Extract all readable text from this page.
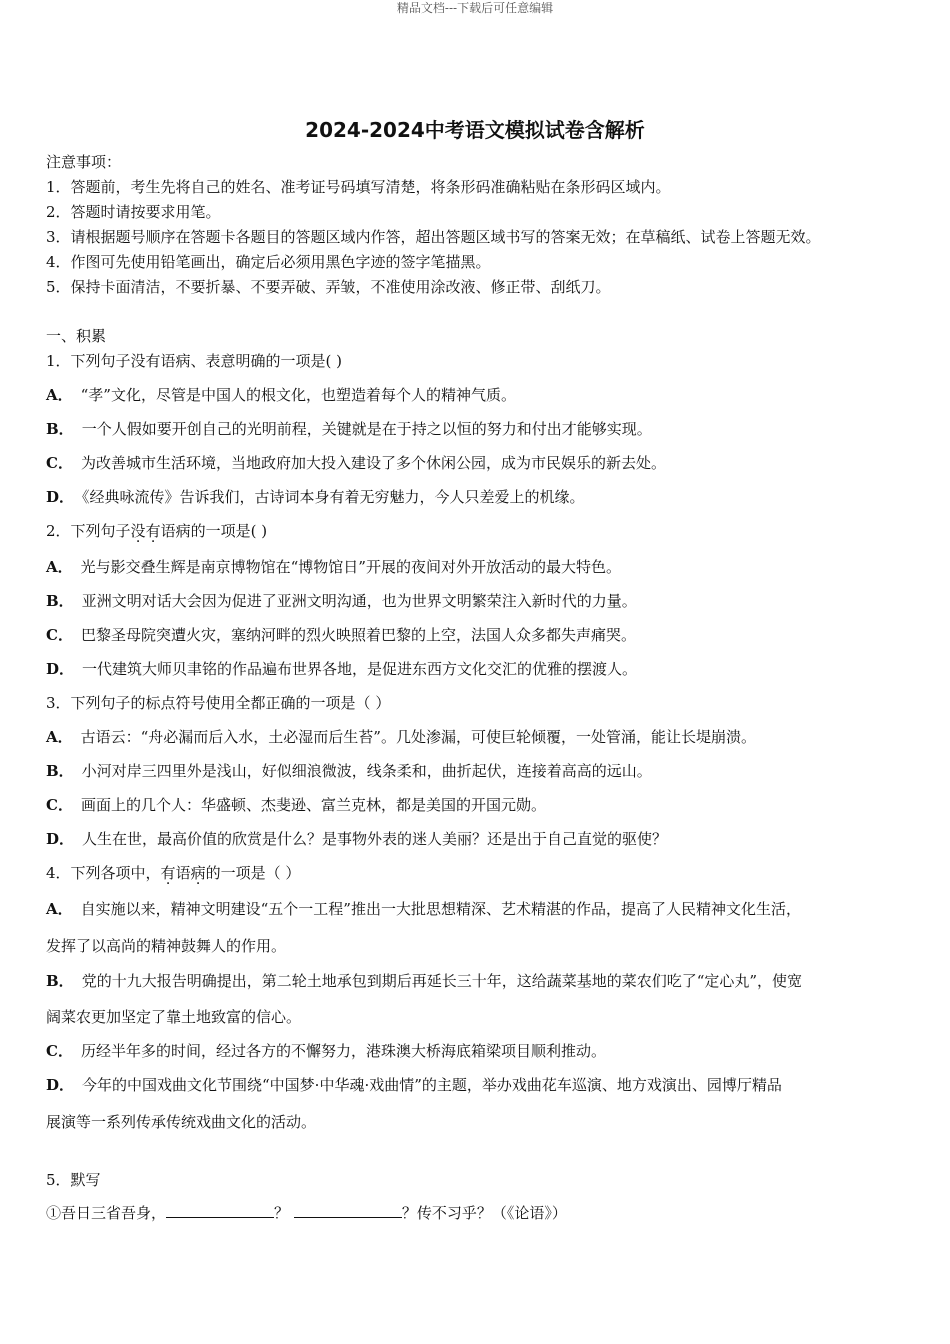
精品文档---下载后可任意编辑
2024-2024中考语文模拟试卷含解析
注意事项：
1．答题前，考生先将自己的姓名、准考证号码填写清楚，将条形码准确粘贴在条形码区域内。
2．答题时请按要求用笔。
3．请根据题号顺序在答题卡各题目的答题区域内作答，超出答题区域书写的答案无效；在草稿纸、试卷上答题无效。
4．作图可先使用铅笔画出，确定后必须用黑色字迹的签字笔描黑。
5．保持卡面清洁，不要折暴、不要弄破、弄皱，不准使用涂改液、修正带、刮纸刀。
一、积累
1．下列句子没有语病、表意明确的一项是( )
A． “孝”文化，尽管是中国人的根文化，也塑造着每个人的精神气质。
B． 一个人假如要开创自己的光明前程，关键就是在于持之以恒的努力和付出才能够实现。
C． 为改善城市生活环境，当地政府加大投入建设了多个休闲公园，成为市民娱乐的新去处。
D． 《经典咏流传》告诉我们，古诗词本身有着无穷魅力，今人只差爱上的机缘。
2．下列句子没有语病的一项是( )
A． 光与影交叠生辉是南京博物馆在“博物馆日”开展的夜间对外开放活动的最大特色。
B． 亚洲文明对话大会因为促进了亚洲文明沟通，也为世界文明繁荣注入新时代的力量。
C． 巴黎圣母院突遭火灾，塞纳河畔的烈火映照着巴黎的上空，法国人众多都失声痛哭。
D． 一代建筑大师贝聿铭的作品遍布世界各地，是促进东西方文化交汇的优雅的摆渡人。
3．下列句子的标点符号使用全都正确的一项是（ ）
A． 古语云：“舟必漏而后入水，土必湿而后生苔”。几处渗漏，可使巨轮倾覆，一处管涌，能让长堤崩溃。
B． 小河对岸三四里外是浅山，好似细浪微波，线条柔和，曲折起伏，连接着高高的远山。
C． 画面上的几个人：华盛顿、杰斐逊、富兰克林，都是美国的开国元勋。
D． 人生在世，最高价值的欣赏是什么？是事物外表的迷人美丽？还是出于自己直觉的驱使？
4．下列各项中，有语病的一项是（ ）
A． 自实施以来，精神文明建设“五个一工程”推出一大批思想精深、艺术精湛的作品，提高了人民精神文化生活，
发挥了以高尚的精神鼓舞人的作用。
B． 党的十九大报告明确提出，第二轮土地承包到期后再延长三十年，这给蔬菜基地的菜农们吃了“定心丸”，使宽
阔菜农更加坚定了靠土地致富的信心。
C． 历经半年多的时间，经过各方的不懈努力，港珠澳大桥海底箱梁项目顺利推动。
D． 今年的中国戏曲文化节围绕“中国梦·中华魂·戏曲情”的主题，举办戏曲花车巡演、地方戏演出、园博厅精品
展演等一系列传承传统戏曲文化的活动。
5．默写
①吾日三省吾身，	？	？传不习乎？（《论语》）
